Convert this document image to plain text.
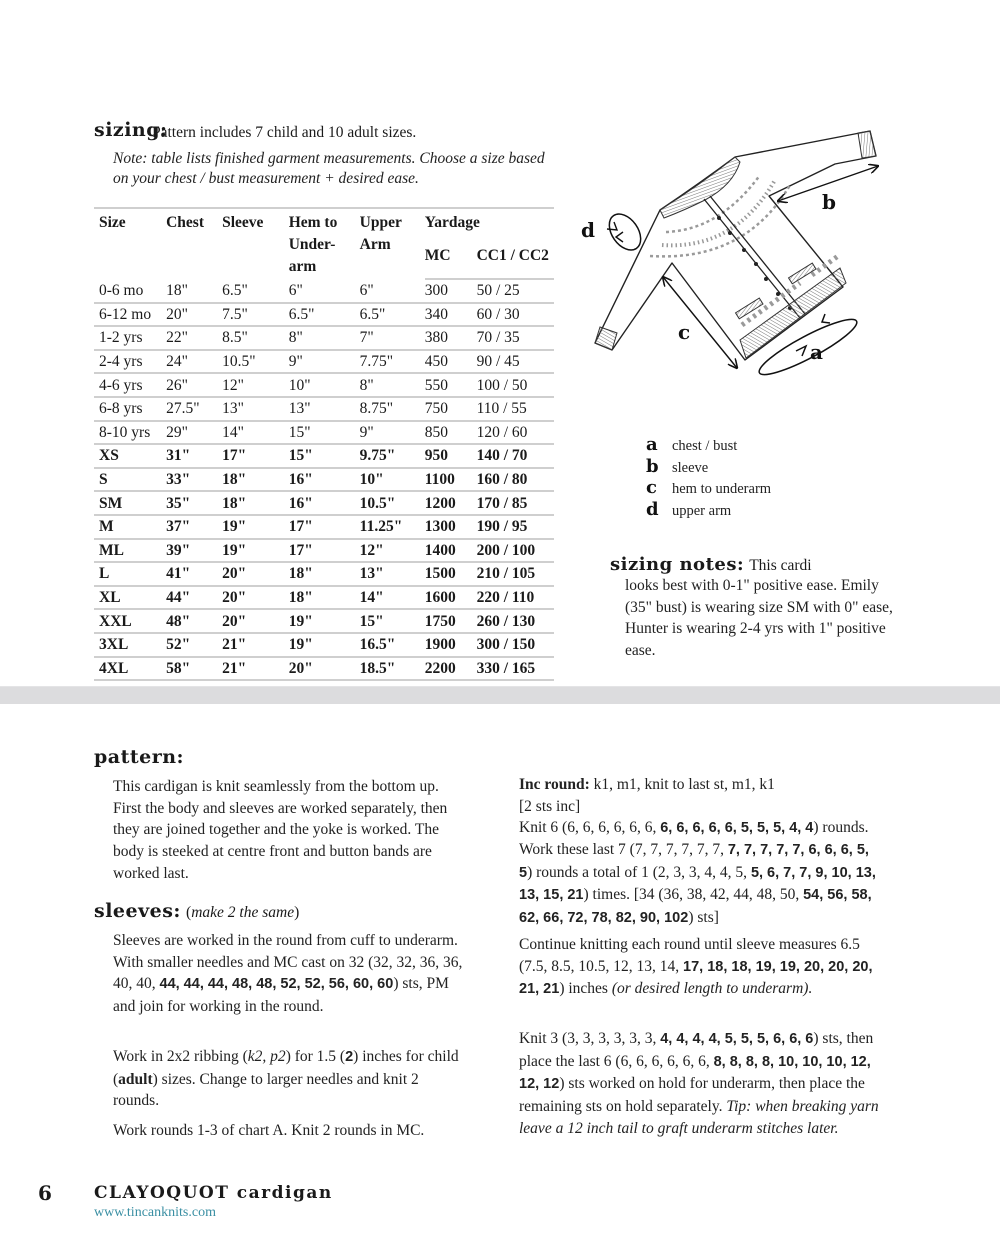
sizing:
Pattern includes 7 child and 10 adult sizes.
Note: table lists finished garment measurements. Choose a size based on your chest / bust measurement + desired ease.
Size	Chest	Sleeve	Hem to Under-arm	Upper Arm	Yardage	
					MC	CC1 / CC2
0-6 mo	18"	6.5"	6"	6"	300	50 / 25
6-12 mo	20"	7.5"	6.5"	6.5"	340	60 / 30
1-2 yrs	22"	8.5"	8"	7"	380	70 / 35
2-4 yrs	24"	10.5"	9"	7.75"	450	90 / 45
4-6 yrs	26"	12"	10"	8"	550	100 / 50
6-8 yrs	27.5"	13"	13"	8.75"	750	110 / 55
8-10 yrs	29"	14"	15"	9"	850	120 / 60
XS	31"	17"	15"	9.75"	950	140 / 70
S	33"	18"	16"	10"	1100	160 / 80
SM	35"	18"	16"	10.5"	1200	170 / 85
M	37"	19"	17"	11.25"	1300	190 / 95
ML	39"	19"	17"	12"	1400	200 / 100
L	41"	20"	18"	13"	1500	210 / 105
XL	44"	20"	18"	14"	1600	220 / 110
XXL	48"	20"	19"	15"	1750	260 / 130
3XL	52"	21"	19"	16.5"	1900	300 / 150
4XL	58"	21"	20"	18.5"	2200	330 / 165
b
d
c
a
a chest / bust
b sleeve
c	hem to underarm
d upper arm
sizing notes: This cardi
looks best with 0-1" positive ease. Emily (35" bust) is wearing size SM with 0" ease, Hunter is wearing 2-4 yrs with 1" positive ease.
pattern:
This cardigan is knit seamlessly from the bottom up. First the body and sleeves are worked separately, then they are joined together and the yoke is worked. The body is steeked at centre front and button bands are worked last.
sleeves: (make 2 the same)
Sleeves are worked in the round from cuff to underarm. With smaller needles and MC cast on 32 (32, 32, 36, 36, 40, 40, 44, 44, 44, 48, 48, 52, 52, 56, 60, 60) sts, PM and join for working in the round.
Work in 2x2 ribbing (k2, p2) for 1.5 (2) inches for child (adult) sizes. Change to larger needles and knit 2 rounds.
Work rounds 1-3 of chart A. Knit 2 rounds in MC.
Inc round: k1, m1, knit to last st, m1, k1
[2 sts inc]
Knit 6 (6, 6, 6, 6, 6, 6, 6, 6, 6, 6, 6, 5, 5, 5, 4, 4) rounds.
Work these last 7 (7, 7, 7, 7, 7, 7, 7, 7, 7, 7, 7, 6, 6, 6, 5, 5) rounds a total of 1 (2, 3, 3, 4, 4, 5, 5, 6, 7, 7, 9, 10, 13, 13, 15, 21) times. [34 (36, 38, 42, 44, 48, 50, 54, 56, 58, 62, 66, 72, 78, 82, 90, 102) sts]
Continue knitting each round until sleeve measures 6.5 (7.5, 8.5, 10.5, 12, 13, 14, 17, 18, 18, 19, 19, 20, 20, 20, 21, 21) inches (or desired length to underarm).
Knit 3 (3, 3, 3, 3, 3, 3, 4, 4, 4, 4, 5, 5, 5, 6, 6, 6) sts, then place the last 6 (6, 6, 6, 6, 6, 6, 8, 8, 8, 8, 10, 10, 10, 12, 12, 12) sts worked on hold for underarm, then place the remaining sts on hold separately. Tip: when breaking yarn leave a 12 inch tail to graft underarm stitches later.
6 CLAYOQUOT cardigan
www.tincanknits.com
